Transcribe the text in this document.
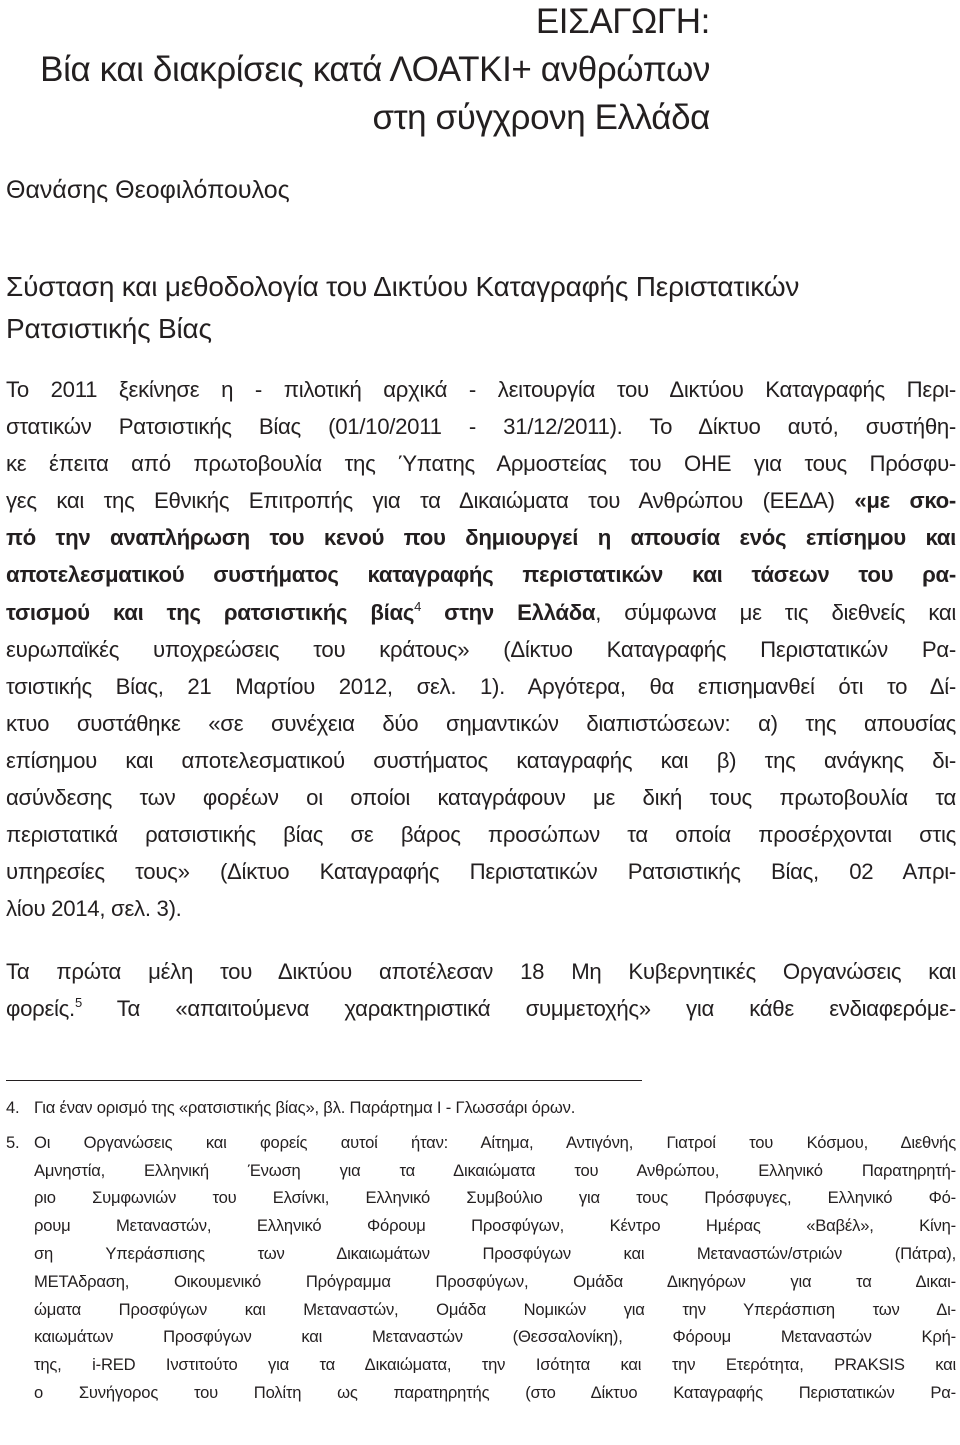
ΕΙΣΑΓΩΓΗ:
Βία και διακρίσεις κατά ΛΟΑΤΚΙ+ ανθρώπων
στη σύγχρονη Ελλάδα

Θανάσης Θεοφιλόπουλος

Σύσταση και μεθοδολογία του Δικτύου Καταγραφής Περιστατικών
Ρατσιστικής Βίας

Το 2011 ξεκίνησε η - πιλοτική αρχικά - λειτουργία του Δικτύου Καταγραφής Περι-
στατικών Ρατσιστικής Βίας (01/10/2011 - 31/12/2011). Το Δίκτυο αυτό, συστήθη-
κε έπειτα από πρωτοβουλία της Ύπατης Αρμοστείας του ΟΗΕ για τους Πρόσφυ-
γες και της Εθνικής Επιτροπής για τα Δικαιώματα του Ανθρώπου (ΕΕΔΑ) «με σκο-
πό την αναπλήρωση του κενού που δημιουργεί η απουσία ενός επίσημου και
αποτελεσματικού συστήματος καταγραφής περιστατικών και τάσεων του ρα-
τσισμού και της ρατσιστικής βίας$^4$ στην Ελλάδα, σύμφωνα με τις διεθνείς και
ευρωπαϊκές υποχρεώσεις του κράτους» (Δίκτυο Καταγραφής Περιστατικών Ρα-
τσιστικής Βίας, 21 Μαρτίου 2012, σελ. 1). Αργότερα, θα επισημανθεί ότι το Δί-
κτυο συστάθηκε «σε συνέχεια δύο σημαντικών διαπιστώσεων: α) της απουσίας
επίσημου και αποτελεσματικού συστήματος καταγραφής και β) της ανάγκης δι-
ασύνδεσης των φορέων οι οποίοι καταγράφουν με δική τους πρωτοβουλία τα
περιστατικά ρατσιστικής βίας σε βάρος προσώπων τα οποία προσέρχονται στις
υπηρεσίες τους» (Δίκτυο Καταγραφής Περιστατικών Ρατσιστικής Βίας, 02 Απρι-
λίου 2014, σελ. 3).

Τα πρώτα μέλη του Δικτύου αποτέλεσαν 18 Μη Κυβερνητικές Οργανώσεις και
φορείς.$^5$ Τα «απαιτούμενα χαρακτηριστικά συμμετοχής» για κάθε ενδιαφερόμε-

4. Για έναν ορισμό της «ρατσιστικής βίας», βλ. Παράρτημα Ι - Γλωσσάρι όρων.
5. Οι Οργανώσεις και φορείς αυτοί ήταν: Αίτημα, Αντιγόνη, Γιατροί του Κόσμου, Διεθνής
Αμνηστία, Ελληνική Ένωση για τα Δικαιώματα του Ανθρώπου, Ελληνικό Παρατηρητή-
ριο Συμφωνιών του Ελσίνκι, Ελληνικό Συμβούλιο για τους Πρόσφυγες, Ελληνικό Φό-
ρουμ Μεταναστών, Ελληνικό Φόρουμ Προσφύγων, Κέντρο Ημέρας «Βαβέλ», Κίνη-
ση Υπεράσπισης των Δικαιωμάτων Προσφύγων και Μεταναστών/στριών (Πάτρα),
ΜΕΤΑδραση, Οικουμενικό Πρόγραμμα Προσφύγων, Ομάδα Δικηγόρων για τα Δικαι-
ώματα Προσφύγων και Μεταναστών, Ομάδα Νομικών για την Υπεράσπιση των Δι-
καιωμάτων Προσφύγων και Μεταναστών (Θεσσαλονίκη), Φόρουμ Μεταναστών Κρή-
της, i-RED Ινστιτούτο για τα Δικαιώματα, την Ισότητα και την Ετερότητα, PRAKSIS και
ο Συνήγορος του Πολίτη ως παρατηρητής (στο Δίκτυο Καταγραφής Περιστατικών Ρα-
